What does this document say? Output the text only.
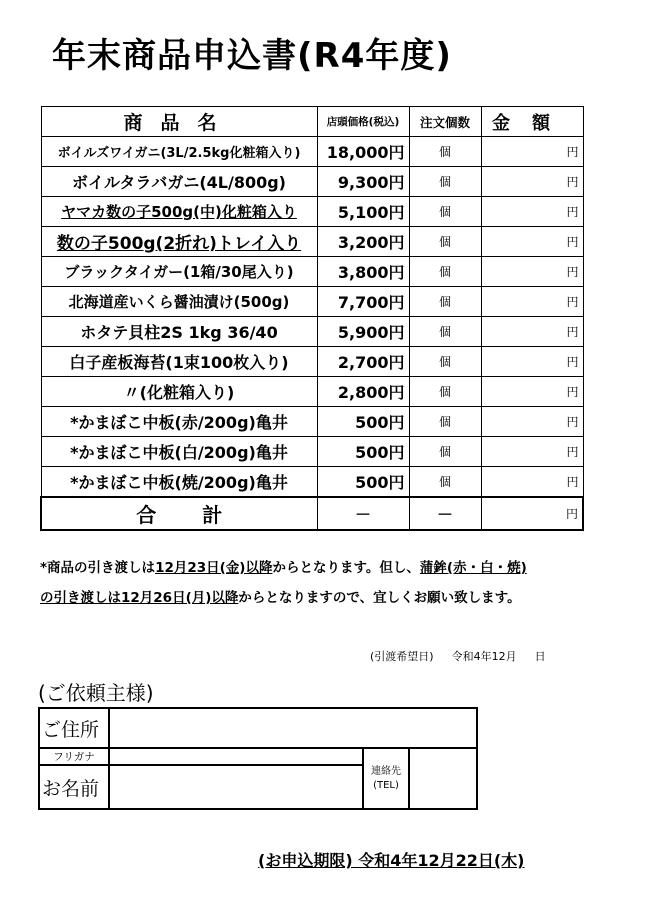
年末商品申込書(R4年度)
商品名	店頭価格(税込)	注文個数	金額
ボイルズワイガニ(3L/2.5kg化粧箱入り)	18,000円	個	円
ボイルタラバガニ(4L/800g)	9,300円	個	円
ヤマカ数の子500g(中)化粧箱入り	5,100円	個	円
数の子500g(2折れ)トレイ入り	3,200円	個	円
ブラックタイガー(1箱/30尾入り)	3,800円	個	円
北海道産いくら醤油漬け(500g)	7,700円	個	円
ホタテ貝柱2S 1kg 36/40	5,900円	個	円
白子産板海苔(1束100枚入り)	2,700円	個	円
〃(化粧箱入り)	2,800円	個	円
*かまぼこ中板(赤/200g)亀井	500円	個	円
*かまぼこ中板(白/200g)亀井	500円	個	円
*かまぼこ中板(焼/200g)亀井	500円	個	円
合計	－	－	円
*商品の引き渡しは12月23日(金)以降からとなります。但し、蒲鉾(赤・白・焼)
の引き渡しは12月26日(月)以降からとなりますので、宜しくお願い致します。
(引渡希望日) 令和4年12月 日
(ご依頼主様)
ご住所			
フリガナ		連絡先
(TEL)	

お名前			
(お申込期限) 令和4年12月22日(木)
